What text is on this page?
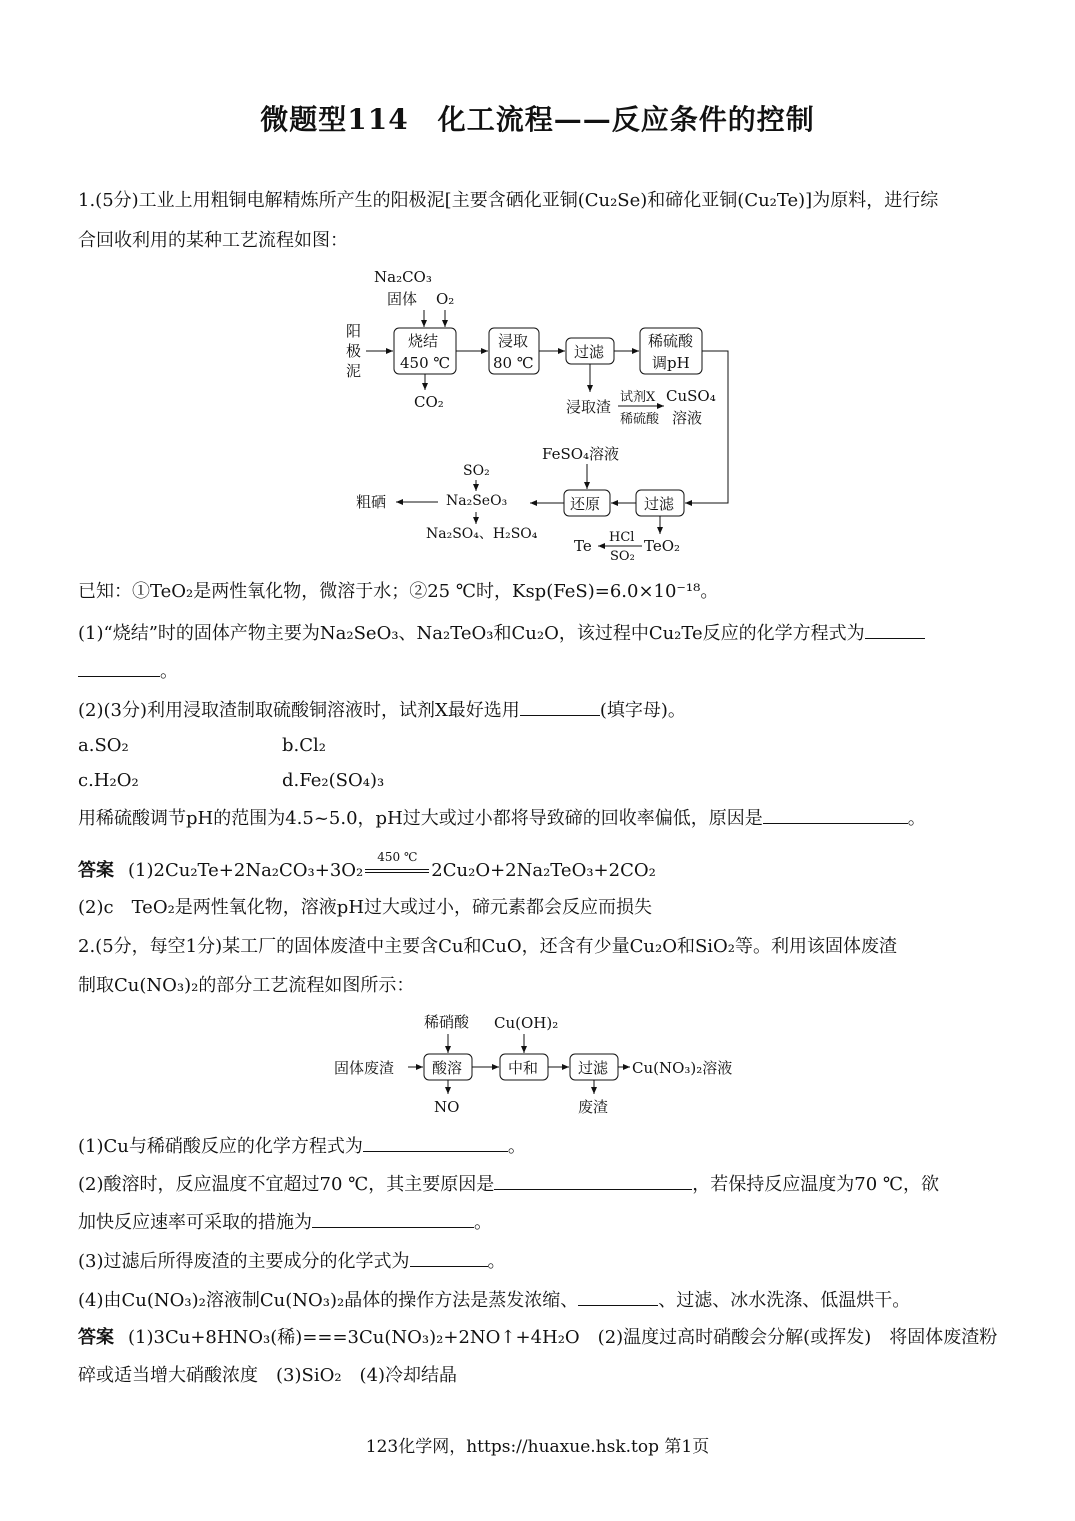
微题型114　化工流程——反应条件的控制
1.(5分)工业上用粗铜电解精炼所产生的阳极泥[主要含硒化亚铜(Cu₂Se)和碲化亚铜(Cu₂Te)]为原料，进行综
合回收利用的某种工艺流程如图：
Na₂CO₃
固体 O₂
阳
极
泥
烧结
450 ℃
浸取
80 ℃
过滤
稀硫酸
调pH
CO₂	浸取渣
试剂X
稀硫酸
CuSO₄
溶液
FeSO₄溶液
SO₂
Na₂SeO₃
粗硒	还原	过滤
Na₂SO₄、H₂SO₄
Te HCl
SO₂
TeO₂
已知：①TeO₂是两性氧化物，微溶于水；②25 ℃时，Ksp(FeS)=6.0×10⁻¹⁸。
(1)“烧结”时的固体产物主要为Na₂SeO₃、Na₂TeO₃和Cu₂O，该过程中Cu₂Te反应的化学方程式为
。
(2)(3分)利用浸取渣制取硫酸铜溶液时，试剂X最好选用	(填字母)。
a.SO₂	b.Cl₂
c.H₂O₂	d.Fe₂(SO₄)₃
用稀硫酸调节pH的范围为4.5~5.0，pH过大或过小都将导致碲的回收率偏低，原因是	。
答案 (1)2Cu₂Te+2Na₂CO₃+3O₂
450 ℃
2Cu₂O+2Na₂TeO₃+2CO₂
(2)c　TeO₂是两性氧化物，溶液pH过大或过小，碲元素都会反应而损失
2.(5分，每空1分)某工厂的固体废渣中主要含Cu和CuO，还含有少量Cu₂O和SiO₂等。利用该固体废渣
制取Cu(NO₃)₂的部分工艺流程如图所示：
稀硝酸 Cu(OH)₂
固体废渣	酸溶	中和	过滤 Cu(NO₃)₂溶液
NO	废渣
(1)Cu与稀硝酸反应的化学方程式为	。
(2)酸溶时，反应温度不宜超过70 ℃，其主要原因是	，若保持反应温度为70 ℃，欲
加快反应速率可采取的措施为	。
(3)过滤后所得废渣的主要成分的化学式为	。
(4)由Cu(NO₃)₂溶液制Cu(NO₃)₂晶体的操作方法是蒸发浓缩、	、过滤、冰水洗涤、低温烘干。
答案 (1)3Cu+8HNO₃(稀)===3Cu(NO₃)₂+2NO↑+4H₂O　(2)温度过高时硝酸会分解(或挥发)　将固体废渣粉
碎或适当增大硝酸浓度　(3)SiO₂　(4)冷却结晶
123化学网，https://huaxue.hsk.top 第1页
